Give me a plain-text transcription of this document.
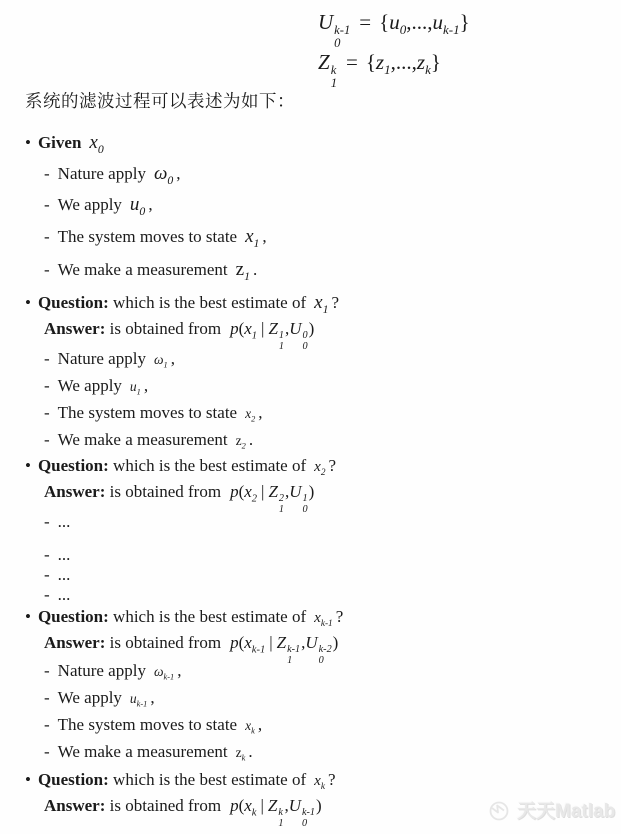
U k-1
0
= $\{u_0,...,u_{k-1}\}$
Z k
1
= $\{z_1,...,z_k\}$
系统的滤波过程可以表述为如下：
• Given $x_0$
- Nature apply $\omega_0$ ,
- We apply $u_0$ ,
- The system moves to state $x_1$ ,
- We make a measurement $z_1$ .
• Question: which is the best estimate of $x_1$ ?
Answer: is obtained from $p(x_1$ | Z 1
1
,U 0
0
)
- Nature apply $\omega_1$ ,
- We apply $u_1$ ,
- The system moves to state $x_2$ ,
- We make a measurement $z_2$ .
• Question: which is the best estimate of $x_2$ ?
Answer: is obtained from $p(x_2$ | Z 2
1
,U 1
0
)
- ...
- ...
- ...
- ...
• Question: which is the best estimate of $x_{k-1}$ ?
Answer: is obtained from $p(x_{k-1}$ | Z k-1
1
,U k-2
0
)
- Nature apply $\omega_{k-1}$ ,
- We apply $u_{k-1}$ ,
- The system moves to state $x_k$ ,
- We make a measurement $z_k$ .
• Question: which is the best estimate of $x_k$ ?
Answer: is obtained from $p(x_k$ | Z k
1
,U k-1
0
)	天天Matlab
